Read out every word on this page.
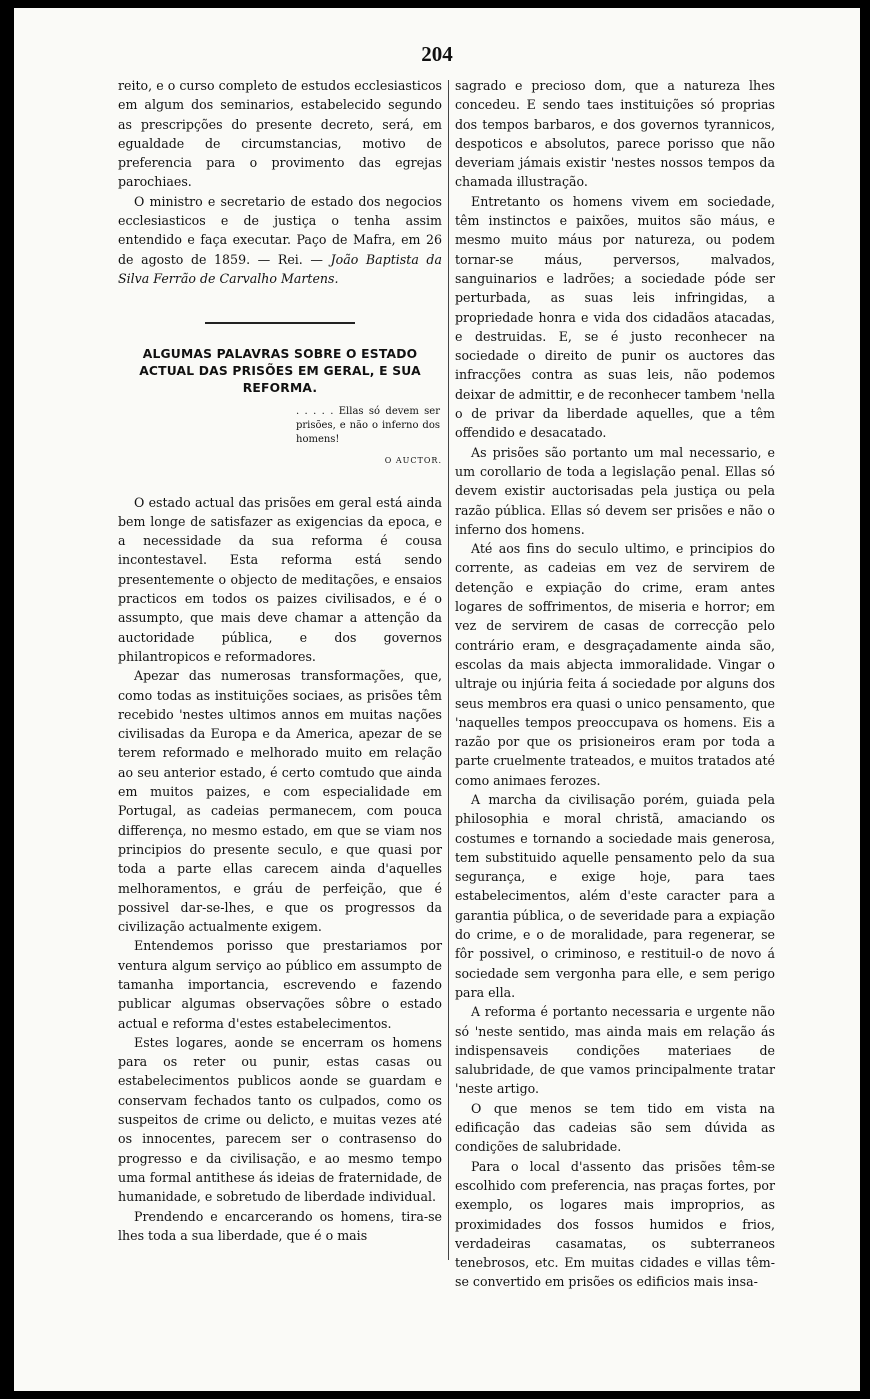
204

reito, e o curso completo de estudos ecclesiasticos em algum dos seminarios, estabelecido segundo as prescripções do presente decreto, será, em egualdade de circumstancias, motivo de preferencia para o provimento das egrejas parochiaes.

O ministro e secretario de estado dos negocios ecclesiasticos e de justiça o tenha assim entendido e faça executar. Paço de Mafra, em 26 de agosto de 1859. — Rei. — João Baptista da Silva Ferrão de Carvalho Martens.

ALGUMAS PALAVRAS SOBRE O ESTADO ACTUAL DAS PRISÕES EM GERAL, E SUA REFORMA.
. . . . . Ellas só devem ser prisões, e não o inferno dos homens!
O AUCTOR.

O estado actual das prisões em geral está ainda bem longe de satisfazer as exigencias da epoca, e a necessidade da sua reforma é cousa incontestavel. Esta reforma está sendo presentemente o objecto de meditações, e ensaios practicos em todos os paizes civilisados, e é o assumpto, que mais deve chamar a attenção da auctoridade pública, e dos governos philantropicos e reformadores.

Apezar das numerosas transformações, que, como todas as instituições sociaes, as prisões têm recebido 'nestes ultimos annos em muitas nações civilisadas da Europa e da America, apezar de se terem reformado e melhorado muito em relação ao seu anterior estado, é certo comtudo que ainda em muitos paizes, e com especialidade em Portugal, as cadeias permanecem, com pouca differença, no mesmo estado, em que se viam nos principios do presente seculo, e que quasi por toda a parte ellas carecem ainda d'aquelles melhoramentos, e gráu de perfeição, que é possivel dar-se-lhes, e que os progressos da civilização actualmente exigem.

Entendemos porisso que prestariamos por ventura algum serviço ao público em assumpto de tamanha importancia, escrevendo e fazendo publicar algumas observações sôbre o estado actual e reforma d'estes estabelecimentos.

Estes logares, aonde se encerram os homens para os reter ou punir, estas casas ou estabelecimentos publicos aonde se guardam e conservam fechados tanto os culpados, como os suspeitos de crime ou delicto, e muitas vezes até os innocentes, parecem ser o contrasenso do progresso e da civilisação, e ao mesmo tempo uma formal antithese ás ideias de fraternidade, de humanidade, e sobretudo de liberdade individual.

Prendendo e encarcerando os homens, tira-se lhes toda a sua liberdade, que é o mais

sagrado e precioso dom, que a natureza lhes concedeu. E sendo taes instituições só proprias dos tempos barbaros, e dos governos tyrannicos, despoticos e absolutos, parece porisso que não deveriam jámais existir 'nestes nossos tempos da chamada illustração.

Entretanto os homens vivem em sociedade, têm instinctos e paixões, muitos são máus, e mesmo muito máus por natureza, ou podem tornar-se máus, perversos, malvados, sanguinarios e ladrões; a sociedade póde ser perturbada, as suas leis infringidas, a propriedade honra e vida dos cidadãos atacadas, e destruidas. E, se é justo reconhecer na sociedade o direito de punir os auctores das infracções contra as suas leis, não podemos deixar de admittir, e de reconhecer tambem 'nella o de privar da liberdade aquelles, que a têm offendido e desacatado.

As prisões são portanto um mal necessario, e um corollario de toda a legislação penal. Ellas só devem existir auctorisadas pela justiça ou pela razão pública. Ellas só devem ser prisões e não o inferno dos homens.

Até aos fins do seculo ultimo, e principios do corrente, as cadeias em vez de servirem de detenção e expiação do crime, eram antes logares de soffrimentos, de miseria e horror; em vez de servirem de casas de correcção pelo contrário eram, e desgraçadamente ainda são, escolas da mais abjecta immoralidade. Vingar o ultraje ou injúria feita á sociedade por alguns dos seus membros era quasi o unico pensamento, que 'naquelles tempos preoccupava os homens. Eis a razão por que os prisioneiros eram por toda a parte cruelmente trateados, e muitos tratados até como animaes ferozes.

A marcha da civilisação porém, guiada pela philosophia e moral christã, amaciando os costumes e tornando a sociedade mais generosa, tem substituido aquelle pensamento pelo da sua segurança, e exige hoje, para taes estabelecimentos, além d'este caracter para a garantia pública, o de severidade para a expiação do crime, e o de moralidade, para regenerar, se fôr possivel, o criminoso, e restituil-o de novo á sociedade sem vergonha para elle, e sem perigo para ella.

A reforma é portanto necessaria e urgente não só 'neste sentido, mas ainda mais em relação ás indispensaveis condições materiaes de salubridade, de que vamos principalmente tratar 'neste artigo.

O que menos se tem tido em vista na edificação das cadeias são sem dúvida as condições de salubridade.

Para o local d'assento das prisões têm-se escolhido com preferencia, nas praças fortes, por exemplo, os logares mais improprios, as proximidades dos fossos humidos e frios, verdadeiras casamatas, os subterraneos tenebrosos, etc. Em muitas cidades e villas têm-se convertido em prisões os edificios mais insa-
